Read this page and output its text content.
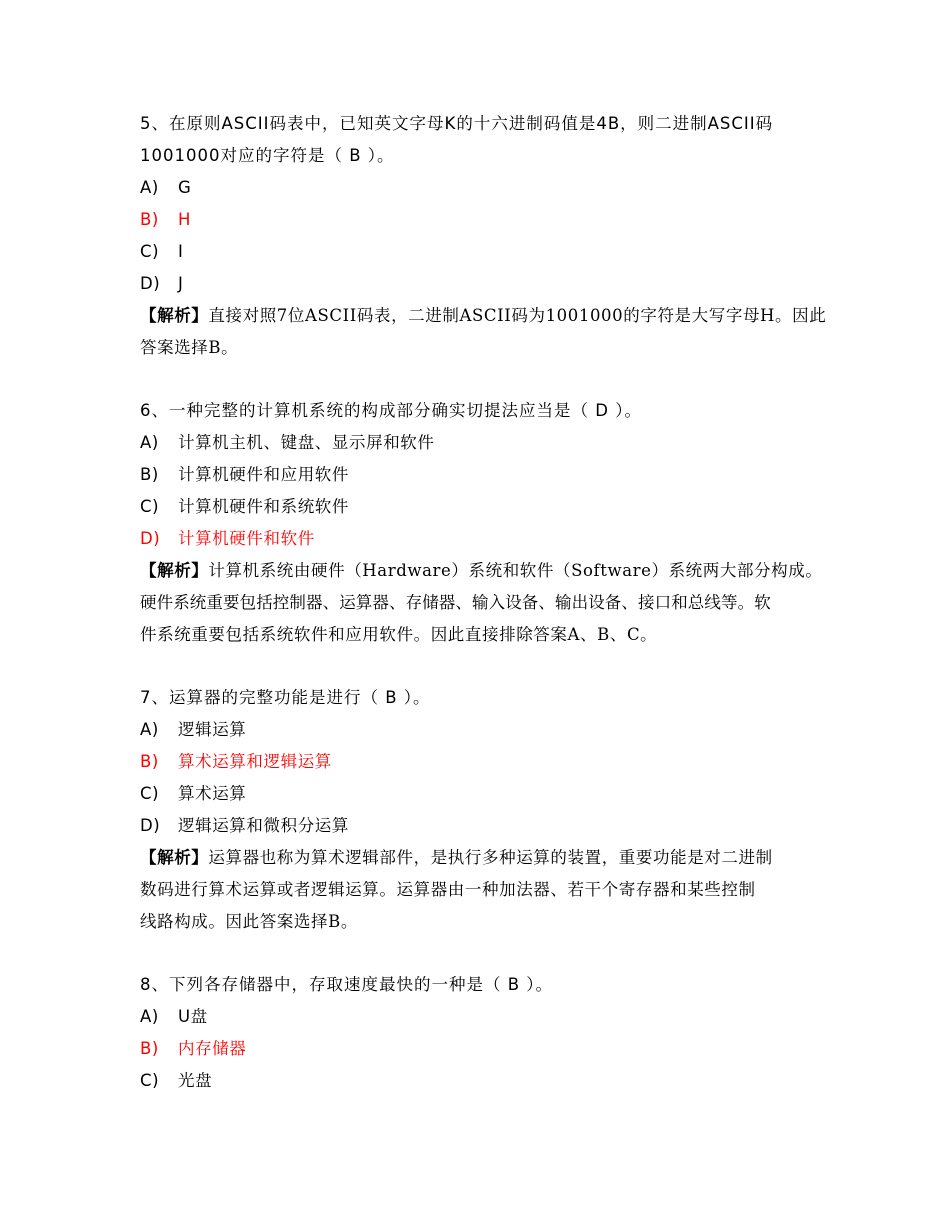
5、在原则ASCII码表中，已知英文字母K的十六进制码值是4B，则二进制ASCII码
1001000对应的字符是（ B ）。
A) G
B) H
C) I
D) J
【解析】直接对照7位ASCII码表，二进制ASCII码为1001000的字符是大写字母H。因此
答案选择B。
6、一种完整的计算机系统的构成部分确实切提法应当是（ D ）。
A) 计算机主机、键盘、显示屏和软件
B) 计算机硬件和应用软件
C) 计算机硬件和系统软件
D) 计算机硬件和软件
【解析】计算机系统由硬件（Hardware）系统和软件（Software）系统两大部分构成。
硬件系统重要包括控制器、运算器、存储器、输入设备、输出设备、接口和总线等。软
件系统重要包括系统软件和应用软件。因此直接排除答案A、B、C。
7、运算器的完整功能是进行（ B ）。
A) 逻辑运算
B) 算术运算和逻辑运算
C) 算术运算
D) 逻辑运算和微积分运算
【解析】运算器也称为算术逻辑部件，是执行多种运算的装置，重要功能是对二进制
数码进行算术运算或者逻辑运算。运算器由一种加法器、若干个寄存器和某些控制
线路构成。因此答案选择B。
8、下列各存储器中，存取速度最快的一种是（ B ）。
A) U盘
B) 内存储器
C) 光盘
